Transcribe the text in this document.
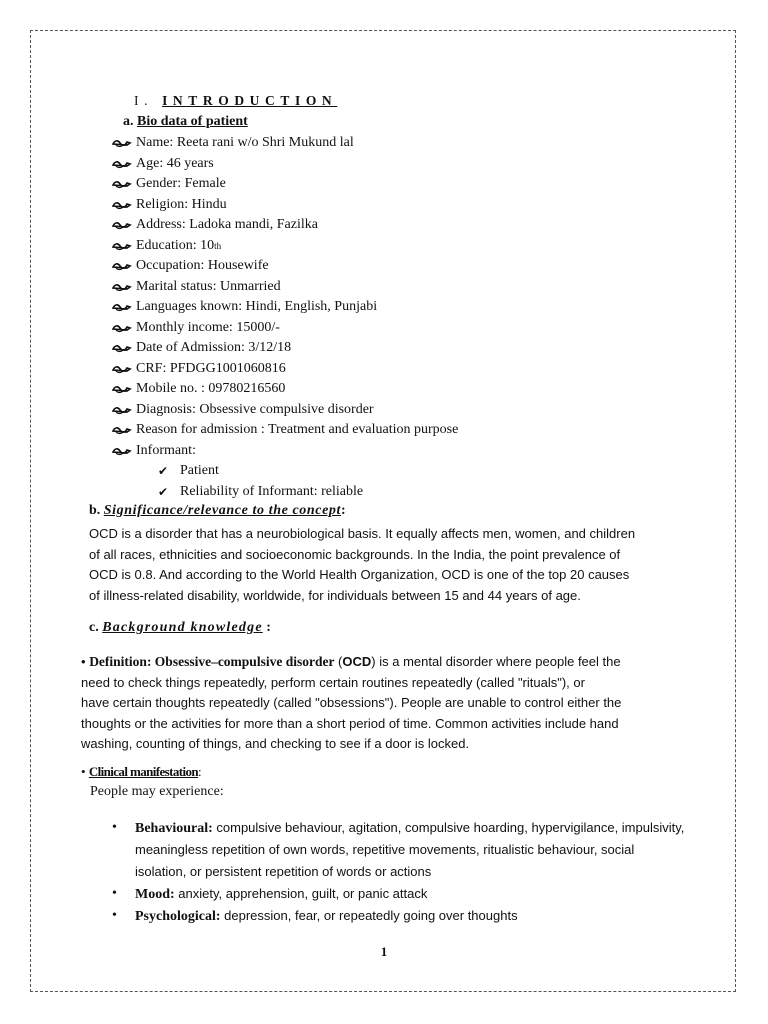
I. INTRODUCTION
a. Bio data of patient
Name: Reeta rani w/o Shri Mukund lal
Age: 46 years
Gender: Female
Religion: Hindu
Address: Ladoka mandi, Fazilka
Education: 10 th
Occupation: Housewife
Marital status: Unmarried
Languages known: Hindi, English, Punjabi
Monthly income: 15000/-
Date of Admission: 3/12/18
CRF: PFDGG1001060816
Mobile no. : 09780216560
Diagnosis: Obsessive compulsive disorder
Reason for admission : Treatment and evaluation purpose
Informant:
✔ Patient
✔ Reliability of Informant: reliable
b. Significance/relevance to the concept:
OCD is a disorder that has a neurobiological basis. It equally affects men, women, and children
of all races, ethnicities and socioeconomic backgrounds. In the India, the point prevalence of
OCD is 0.8. And according to the World Health Organization, OCD is one of the top 20 causes
of illness-related disability, worldwide, for individuals between 15 and 44 years of age.
c. Background knowledge :
• Definition: Obsessive–compulsive disorder (OCD) is a mental disorder where people feel the
need to check things repeatedly, perform certain routines repeatedly (called "rituals"), or
have certain thoughts repeatedly (called "obsessions"). People are unable to control either the
thoughts or the activities for more than a short period of time. Common activities include hand
washing, counting of things, and checking to see if a door is locked.
• Clinical manifestation:
People may experience:
• Behavioural: compulsive behaviour, agitation, compulsive hoarding, hypervigilance, impulsivity, meaningless repetition of own words, repetitive movements, ritualistic behaviour, social isolation, or persistent repetition of words or actions
• Mood: anxiety, apprehension, guilt, or panic attack
• Psychological: depression, fear, or repeatedly going over thoughts
1
